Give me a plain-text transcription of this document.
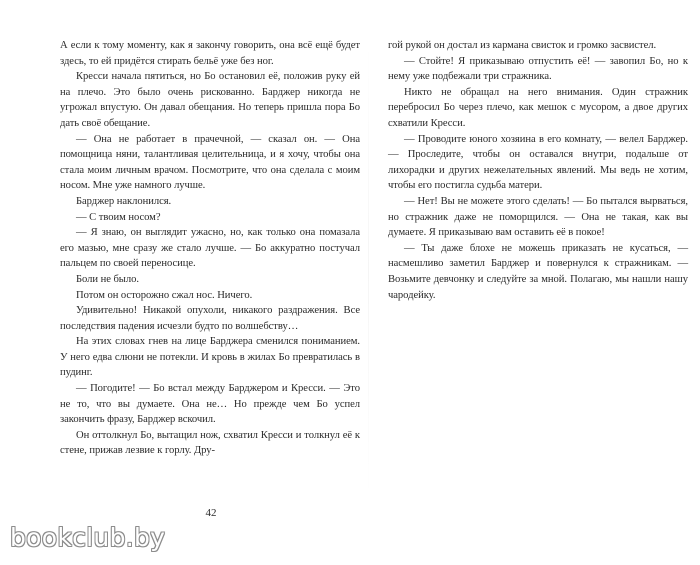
А если к тому моменту, как я закончу говорить, она всё ещё будет здесь, то ей придётся стирать бельё уже без ног.

Кресси начала пятиться, но Бо остановил её, положив руку ей на плечо. Это было очень рискованно. Барджер никогда не угрожал впустую. Он давал обещания. Но теперь пришла пора Бо дать своё обещание.

— Она не работает в прачечной, — сказал он. — Она помощница няни, талантливая целительница, и я хочу, чтобы она стала моим личным врачом. Посмотрите, что она сделала с моим носом. Мне уже намного лучше.

Барджер наклонился.

— С твоим носом?

— Я знаю, он выглядит ужасно, но, как только она помазала его мазью, мне сразу же стало лучше. — Бо аккуратно постучал пальцем по своей переносице.

Боли не было.

Потом он осторожно сжал нос. Ничего.

Удивительно! Никакой опухоли, никакого раздражения. Все последствия падения исчезли будто по волшебству…

На этих словах гнев на лице Барджера сменился пониманием. У него едва слюни не потекли. И кровь в жилах Бо превратилась в пудинг.

— Погодите! — Бо встал между Барджером и Кресси. — Это не то, что вы думаете. Она не… Но прежде чем Бо успел закончить фразу, Барджер вскочил.

Он оттолкнул Бо, вытащил нож, схватил Кресси и толкнул её к стене, прижав лезвие к горлу. Дру-

гой рукой он достал из кармана свисток и громко засвистел.

— Стойте! Я приказываю отпустить её! — завопил Бо, но к нему уже подбежали три стражника.

Никто не обращал на него внимания. Один стражник перебросил Бо через плечо, как мешок с мусором, а двое других схватили Кресси.

— Проводите юного хозяина в его комнату, — велел Барджер. — Проследите, чтобы он оставался внутри, подальше от лихорадки и других нежелательных явлений. Мы ведь не хотим, чтобы его постигла судьба матери.

— Нет! Вы не можете этого сделать! — Бо пытался вырваться, но стражник даже не поморщился. — Она не такая, как вы думаете. Я приказываю вам оставить её в покое!

— Ты даже блохе не можешь приказать не кусаться, — насмешливо заметил Барджер и повернулся к стражникам. — Возьмите девчонку и следуйте за мной. Полагаю, мы нашли нашу чародейку.

42
bookclub.by
